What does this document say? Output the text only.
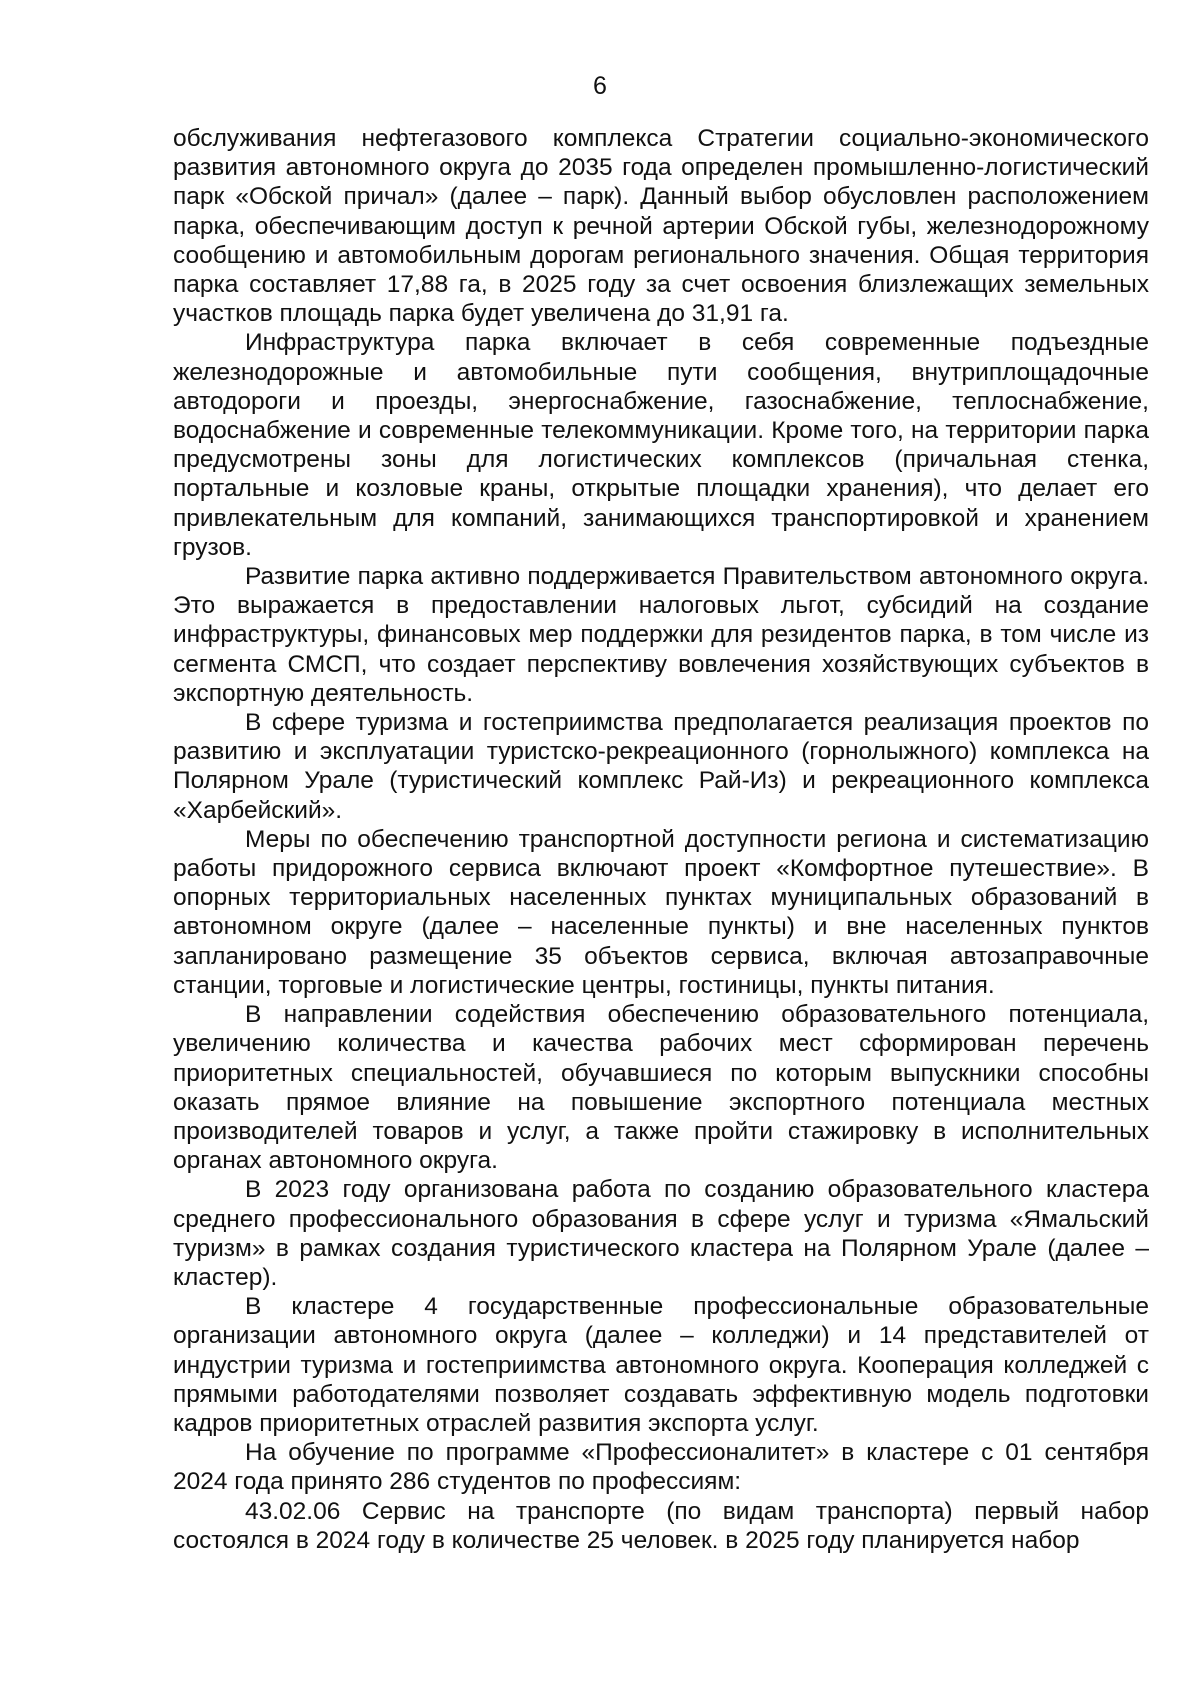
6

обслуживания нефтегазового комплекса Стратегии социально-экономического развития автономного округа до 2035 года определен промышленно-логистический парк «Обской причал» (далее – парк). Данный выбор обусловлен расположением парка, обеспечивающим доступ к речной артерии Обской губы, железнодорожному сообщению и автомобильным дорогам регионального значения. Общая территория парка составляет 17,88 га, в 2025 году за счет освоения близлежащих земельных участков площадь парка будет увеличена до 31,91 га.

Инфраструктура парка включает в себя современные подъездные железнодорожные и автомобильные пути сообщения, внутриплощадочные автодороги и проезды, энергоснабжение, газоснабжение, теплоснабжение, водоснабжение и современные телекоммуникации. Кроме того, на территории парка предусмотрены зоны для логистических комплексов (причальная стенка, портальные и козловые краны, открытые площадки хранения), что делает его привлекательным для компаний, занимающихся транспортировкой и хранением грузов.

Развитие парка активно поддерживается Правительством автономного округа. Это выражается в предоставлении налоговых льгот, субсидий на создание инфраструктуры, финансовых мер поддержки для резидентов парка, в том числе из сегмента СМСП, что создает перспективу вовлечения хозяйствующих субъектов в экспортную деятельность.

В сфере туризма и гостеприимства предполагается реализация проектов по развитию и эксплуатации туристско-рекреационного (горнолыжного) комплекса на Полярном Урале (туристический комплекс Рай-Из) и рекреационного комплекса «Харбейский».

Меры по обеспечению транспортной доступности региона и систематизацию работы придорожного сервиса включают проект «Комфортное путешествие». В опорных территориальных населенных пунктах муниципальных образований в автономном округе (далее – населенные пункты) и вне населенных пунктов запланировано размещение 35 объектов сервиса, включая автозаправочные станции, торговые и логистические центры, гостиницы, пункты питания.

В направлении содействия обеспечению образовательного потенциала, увеличению количества и качества рабочих мест сформирован перечень приоритетных специальностей, обучавшиеся по которым выпускники способны оказать прямое влияние на повышение экспортного потенциала местных производителей товаров и услуг, а также пройти стажировку в исполнительных органах автономного округа.

В 2023 году организована работа по созданию образовательного кластера среднего профессионального образования в сфере услуг и туризма «Ямальский туризм» в рамках создания туристического кластера на Полярном Урале (далее – кластер).

В кластере 4 государственные профессиональные образовательные организации автономного округа (далее – колледжи) и 14 представителей от индустрии туризма и гостеприимства автономного округа. Кооперация колледжей с прямыми работодателями позволяет создавать эффективную модель подготовки кадров приоритетных отраслей развития экспорта услуг.

На обучение по программе «Профессионалитет» в кластере с 01 сентября 2024 года принято 286 студентов по профессиям:

43.02.06 Сервис на транспорте (по видам транспорта) первый набор состоялся в 2024 году в количестве 25 человек. в 2025 году планируется набор
